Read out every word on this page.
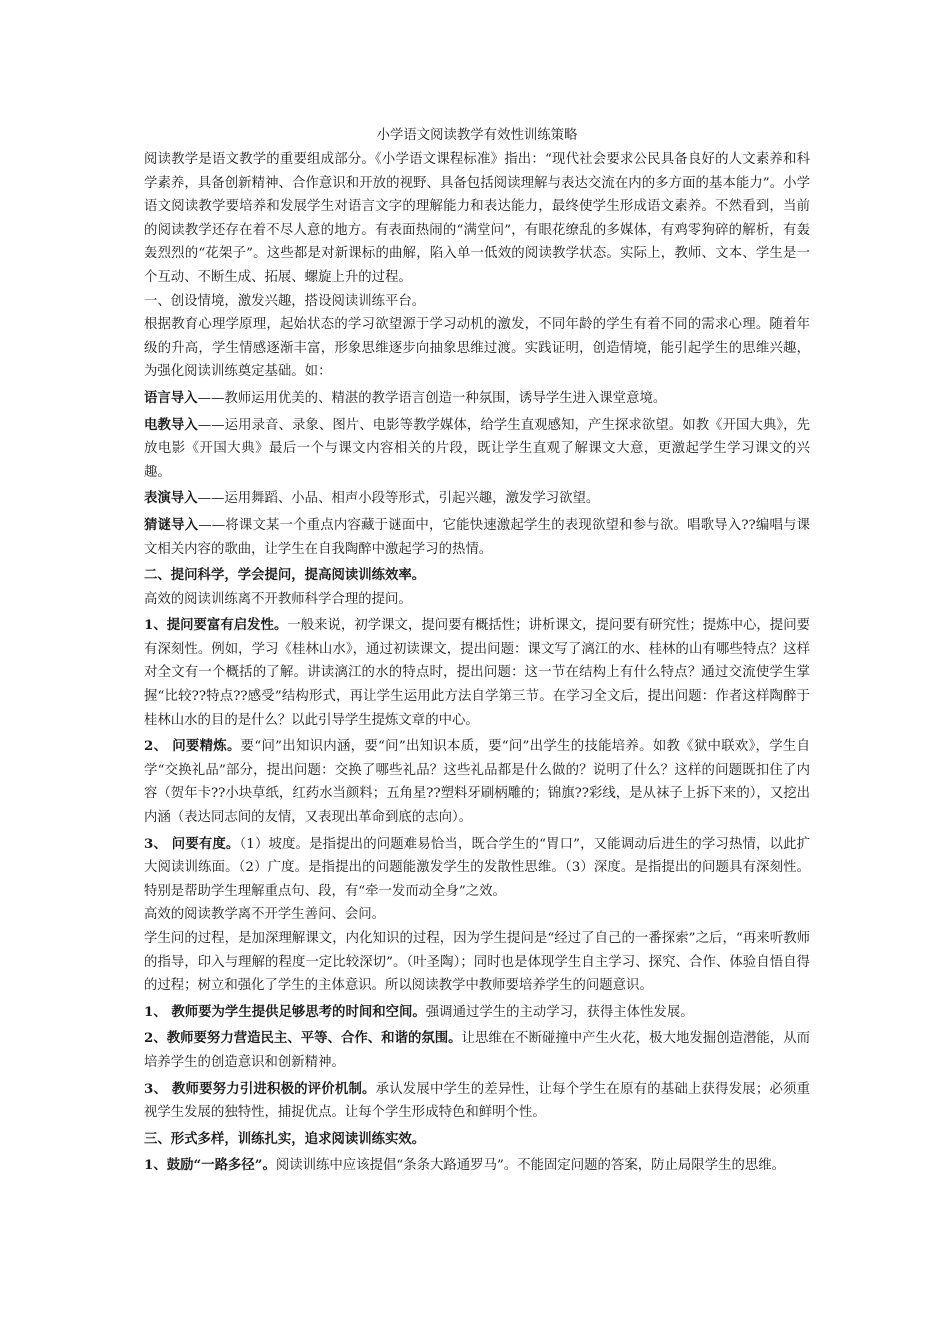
小学语文阅读教学有效性训练策略

阅读教学是语文教学的重要组成部分。《小学语文课程标准》指出：“现代社会要求公民具备良好的人文素养和科学素养，具备创新精神、合作意识和开放的视野、具备包括阅读理解与表达交流在内的多方面的基本能力”。小学语文阅读教学要培养和发展学生对语言文字的理解能力和表达能力，最终使学生形成语文素养。不然看到，当前的阅读教学还存在着不尽人意的地方。有表面热闹的“满堂问”，有眼花缭乱的多媒体，有鸡零狗碎的解析，有轰轰烈烈的“花架子”。这些都是对新课标的曲解，陷入单一低效的阅读教学状态。实际上，教师、文本、学生是一个互动、不断生成、拓展、螺旋上升的过程。

一、创设情境，激发兴趣，搭设阅读训练平台。

根据教育心理学原理，起始状态的学习欲望源于学习动机的激发，不同年龄的学生有着不同的需求心理。随着年级的升高，学生情感逐渐丰富，形象思维逐步向抽象思维过渡。实践证明，创造情境，能引起学生的思维兴趣，为强化阅读训练奠定基础。如：

语言导入——教师运用优美的、精湛的教学语言创造一种氛围，诱导学生进入课堂意境。

电教导入——运用录音、录象、图片、电影等教学媒体，给学生直观感知，产生探求欲望。如教《开国大典》，先放电影《开国大典》最后一个与课文内容相关的片段，既让学生直观了解课文大意，更激起学生学习课文的兴趣。

表演导入——运用舞蹈、小品、相声小段等形式，引起兴趣，激发学习欲望。

猜谜导入——将课文某一个重点内容藏于谜面中，它能快速激起学生的表现欲望和参与欲。唱歌导入??编唱与课文相关内容的歌曲，让学生在自我陶醉中激起学习的热情。

二、提问科学，学会提问，提高阅读训练效率。

高效的阅读训练离不开教师科学合理的提问。

1、提问要富有启发性。一般来说，初学课文，提问要有概括性；讲析课文，提问要有研究性；提炼中心，提问要有深刻性。例如，学习《桂林山水》，通过初读课文，提出问题：课文写了漓江的水、桂林的山有哪些特点？这样对全文有一个概括的了解。讲读漓江的水的特点时，提出问题：这一节在结构上有什么特点？通过交流使学生掌握“比较??特点??感受”结构形式，再让学生运用此方法自学第三节。在学习全文后，提出问题：作者这样陶醉于桂林山水的目的是什么？以此引导学生提炼文章的中心。

2、 问要精炼。要“问”出知识内涵，要“问”出知识本质，要“问”出学生的技能培养。如教《狱中联欢》，学生自学“交换礼品”部分，提出问题：交换了哪些礼品？这些礼品都是什么做的？说明了什么？这样的问题既扣住了内容（贺年卡??小块草纸，红药水当颜料；五角星??塑料牙刷柄雕的；锦旗??彩线，是从袜子上拆下来的），又挖出内涵（表达同志间的友情，又表现出革命到底的志向）。

3、 问要有度。（1）坡度。是指提出的问题难易恰当，既合学生的“胃口”，又能调动后进生的学习热情，以此扩大阅读训练面。（2）广度。是指提出的问题能激发学生的发散性思维。（3）深度。是指提出的问题具有深刻性。特别是帮助学生理解重点句、段，有“牵一发而动全身”之效。

高效的阅读教学离不开学生善问、会问。

学生问的过程，是加深理解课文，内化知识的过程，因为学生提问是“经过了自己的一番探索”之后，“再来听教师的指导，印入与理解的程度一定比较深切”。（叶圣陶）；同时也是体现学生自主学习、探究、合作、体验自悟自得的过程；树立和强化了学生的主体意识。所以阅读教学中教师要培养学生的问题意识。

1、 教师要为学生提供足够思考的时间和空间。强调通过学生的主动学习，获得主体性发展。

2、教师要努力营造民主、平等、合作、和谐的氛围。让思维在不断碰撞中产生火花，极大地发掘创造潜能，从而培养学生的创造意识和创新精神。

3、 教师要努力引进积极的评价机制。承认发展中学生的差异性，让每个学生在原有的基础上获得发展；必须重视学生发展的独特性，捕捉优点。让每个学生形成特色和鲜明个性。

三、形式多样，训练扎实，追求阅读训练实效。

1、鼓励“一路多径”。阅读训练中应该提倡“条条大路通罗马”。不能固定问题的答案，防止局限学生的思维。
